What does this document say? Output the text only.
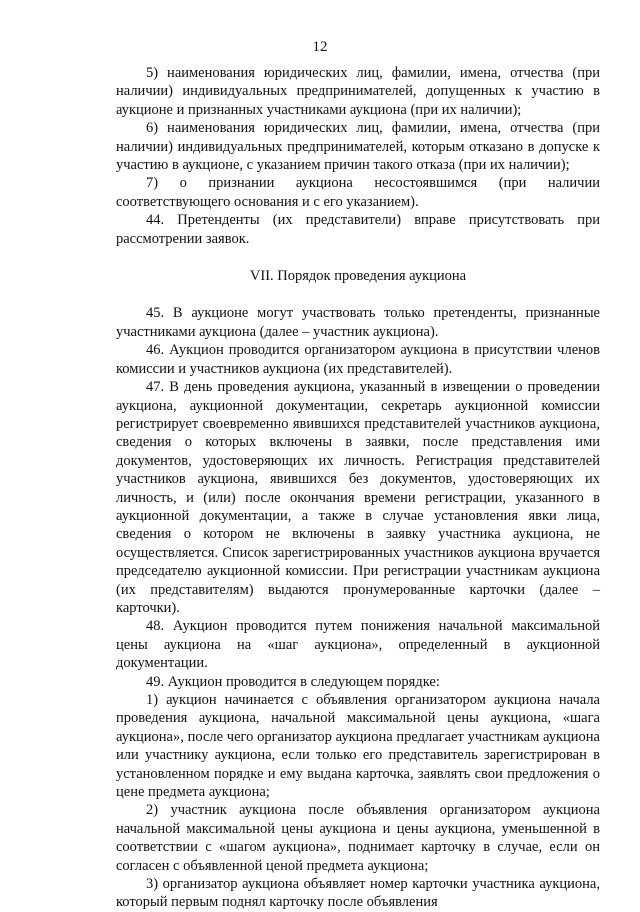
12

5) наименования юридических лиц, фамилии, имена, отчества (при наличии) индивидуальных предпринимателей, допущенных к участию в аукционе и признанных участниками аукциона (при их наличии);

6) наименования юридических лиц, фамилии, имена, отчества (при наличии) индивидуальных предпринимателей, которым отказано в допуске к участию в аукционе, с указанием причин такого отказа (при их наличии);

7) о признании аукциона несостоявшимся (при наличии соответствующего основания и с его указанием).

44. Претенденты (их представители) вправе присутствовать при рассмотрении заявок.

VII. Порядок проведения аукциона

45. В аукционе могут участвовать только претенденты, признанные участниками аукциона (далее – участник аукциона).

46. Аукцион проводится организатором аукциона в присутствии членов комиссии и участников аукциона (их представителей).

47. В день проведения аукциона, указанный в извещении о проведении аукциона, аукционной документации, секретарь аукционной комиссии регистрирует своевременно явившихся представителей участников аукциона, сведения о которых включены в заявки, после представления ими документов, удостоверяющих их личность. Регистрация представителей участников аукциона, явившихся без документов, удостоверяющих их личность, и (или) после окончания времени регистрации, указанного в аукционной документации, а также в случае установления явки лица, сведения о котором не включены в заявку участника аукциона, не осуществляется. Список зарегистрированных участников аукциона вручается председателю аукционной комиссии. При регистрации участникам аукциона (их представителям) выдаются пронумерованные карточки (далее – карточки).

48. Аукцион проводится путем понижения начальной максимальной цены аукциона на «шаг аукциона», определенный в аукционной документации.

49. Аукцион проводится в следующем порядке:

1) аукцион начинается с объявления организатором аукциона начала проведения аукциона, начальной максимальной цены аукциона, «шага аукциона», после чего организатор аукциона предлагает участникам аукциона или участнику аукциона, если только его представитель зарегистрирован в установленном порядке и ему выдана карточка, заявлять свои предложения о цене предмета аукциона;

2) участник аукциона после объявления организатором аукциона начальной максимальной цены аукциона и цены аукциона, уменьшенной в соответствии с «шагом аукциона», поднимает карточку в случае, если он согласен с объявленной ценой предмета аукциона;

3) организатор аукциона объявляет номер карточки участника аукциона, который первым поднял карточку после объявления
